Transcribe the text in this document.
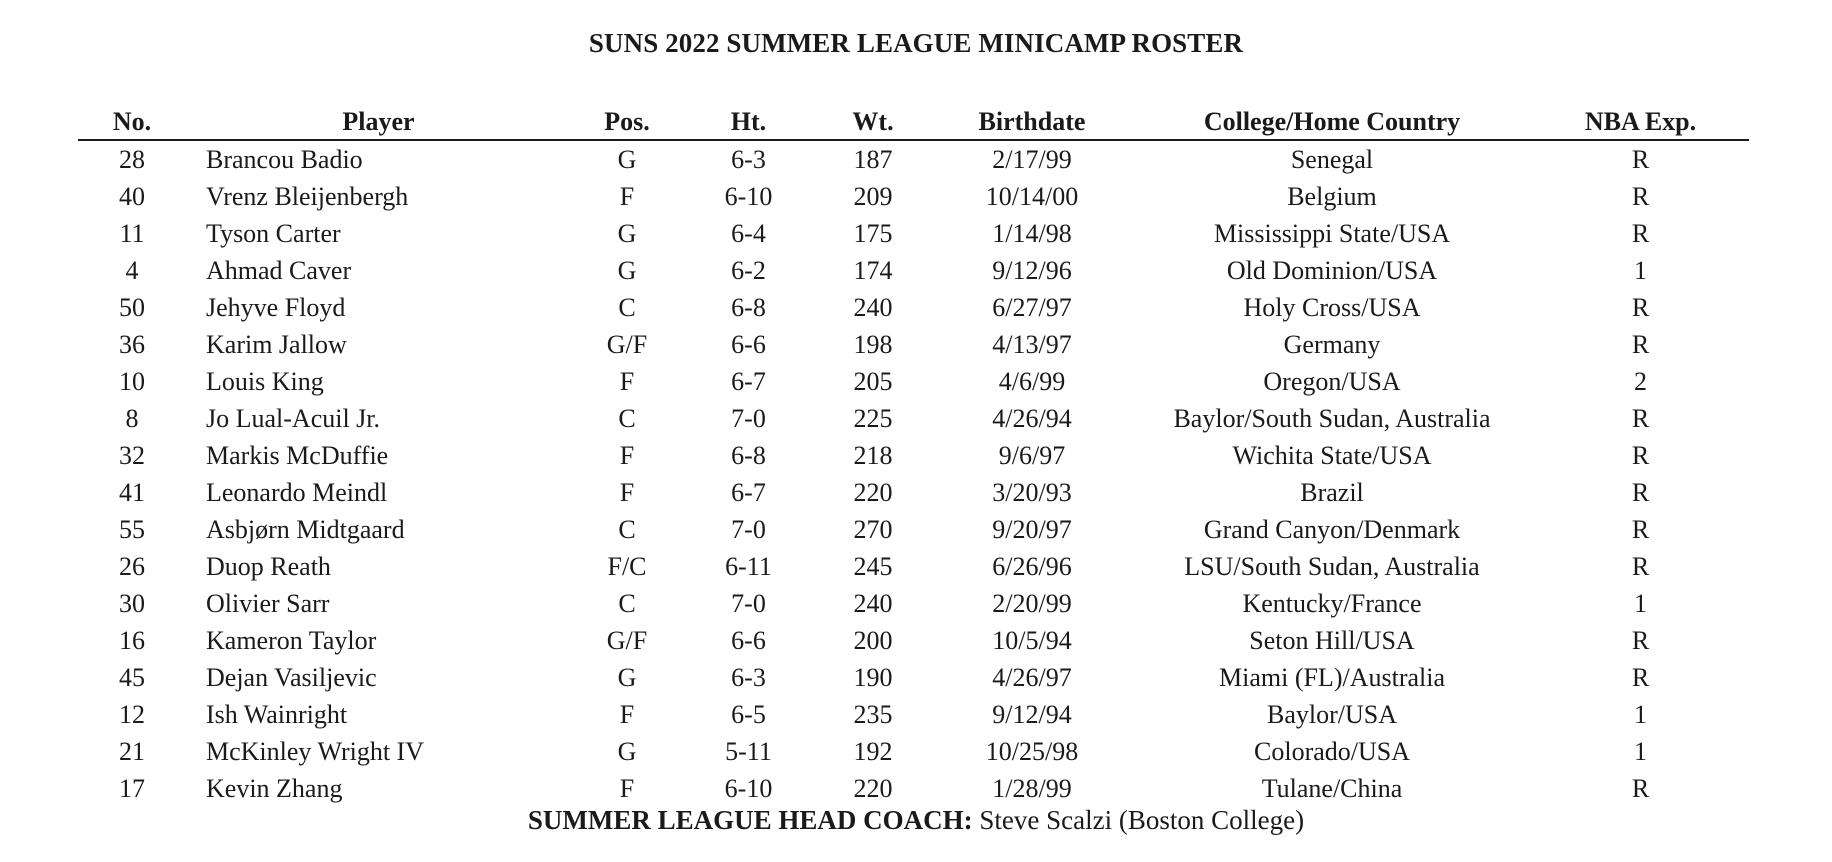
SUNS 2022 SUMMER LEAGUE MINICAMP ROSTER
No.	Player	Pos.	Ht.	Wt.	Birthdate	College/Home Country	NBA Exp.
28	Brancou Badio	G	6-3	187	2/17/99	Senegal	R
40	Vrenz Bleijenbergh	F	6-10	209	10/14/00	Belgium	R
11	Tyson Carter	G	6-4	175	1/14/98	Mississippi State/USA	R
4	Ahmad Caver	G	6-2	174	9/12/96	Old Dominion/USA	1
50	Jehyve Floyd	C	6-8	240	6/27/97	Holy Cross/USA	R
36	Karim Jallow	G/F	6-6	198	4/13/97	Germany	R
10	Louis King	F	6-7	205	4/6/99	Oregon/USA	2
8	Jo Lual-Acuil Jr.	C	7-0	225	4/26/94	Baylor/South Sudan, Australia	R
32	Markis McDuffie	F	6-8	218	9/6/97	Wichita State/USA	R
41	Leonardo Meindl	F	6-7	220	3/20/93	Brazil	R
55	Asbjørn Midtgaard	C	7-0	270	9/20/97	Grand Canyon/Denmark	R
26	Duop Reath	F/C	6-11	245	6/26/96	LSU/South Sudan, Australia	R
30	Olivier Sarr	C	7-0	240	2/20/99	Kentucky/France	1
16	Kameron Taylor	G/F	6-6	200	10/5/94	Seton Hill/USA	R
45	Dejan Vasiljevic	G	6-3	190	4/26/97	Miami (FL)/Australia	R
12	Ish Wainright	F	6-5	235	9/12/94	Baylor/USA	1
21	McKinley Wright IV	G	5-11	192	10/25/98	Colorado/USA	1
17	Kevin Zhang	F	6-10	220	1/28/99	Tulane/China	R
SUMMER LEAGUE HEAD COACH: Steve Scalzi (Boston College)
